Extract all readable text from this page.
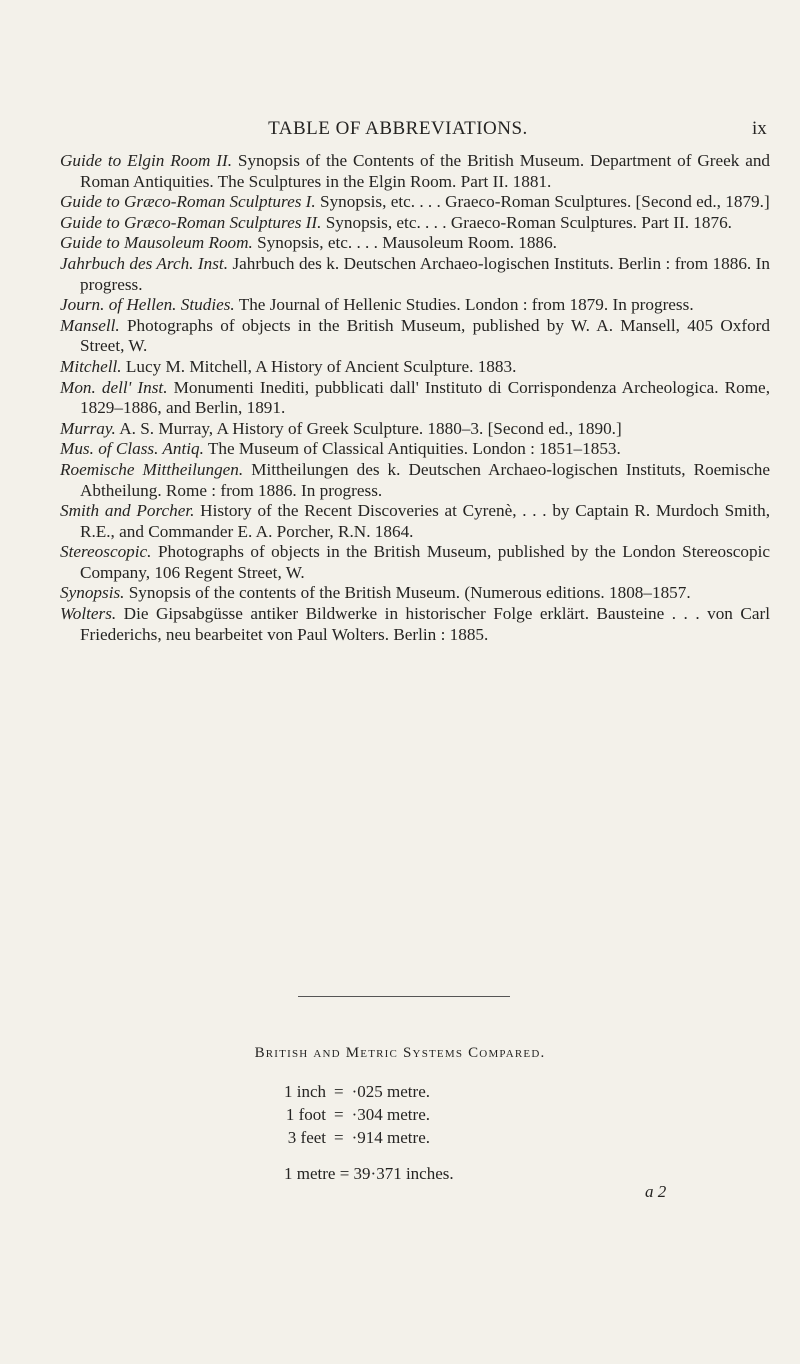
TABLE OF ABBREVIATIONS.	ix

Guide to Elgin Room II. Synopsis of the Contents of the British Museum. Department of Greek and Roman Antiquities. The Sculptures in the Elgin Room. Part II. 1881.

Guide to Græco-Roman Sculptures I. Synopsis, etc. . . . Graeco-Roman Sculptures. [Second ed., 1879.]

Guide to Græco-Roman Sculptures II. Synopsis, etc. . . . Graeco-Roman Sculptures. Part II. 1876.

Guide to Mausoleum Room. Synopsis, etc. . . . Mausoleum Room. 1886.

Jahrbuch des Arch. Inst. Jahrbuch des k. Deutschen Archaeo-logischen Instituts. Berlin : from 1886. In progress.

Journ. of Hellen. Studies. The Journal of Hellenic Studies. London : from 1879. In progress.

Mansell. Photographs of objects in the British Museum, published by W. A. Mansell, 405 Oxford Street, W.

Mitchell. Lucy M. Mitchell, A History of Ancient Sculpture. 1883.

Mon. dell' Inst. Monumenti Inediti, pubblicati dall' Instituto di Corrispondenza Archeologica. Rome, 1829–1886, and Berlin, 1891.

Murray. A. S. Murray, A History of Greek Sculpture. 1880–3. [Second ed., 1890.]

Mus. of Class. Antiq. The Museum of Classical Antiquities. London : 1851–1853.

Roemische Mittheilungen. Mittheilungen des k. Deutschen Archaeo-logischen Instituts, Roemische Abtheilung. Rome : from 1886. In progress.

Smith and Porcher. History of the Recent Discoveries at Cyrenè, . . . by Captain R. Murdoch Smith, R.E., and Commander E. A. Porcher, R.N. 1864.

Stereoscopic. Photographs of objects in the British Museum, published by the London Stereoscopic Company, 106 Regent Street, W.

Synopsis. Synopsis of the contents of the British Museum. (Numerous editions. 1808–1857.

Wolters. Die Gipsabgüsse antiker Bildwerke in historischer Folge erklärt. Bausteine . . . von Carl Friederichs, neu bearbeitet von Paul Wolters. Berlin : 1885.

British and Metric Systems Compared.
1 inch	=	·025 metre.
1 foot	=	·304 metre.
3 feet	=	·914 metre.
1 metre = 39·371 inches.
a 2
